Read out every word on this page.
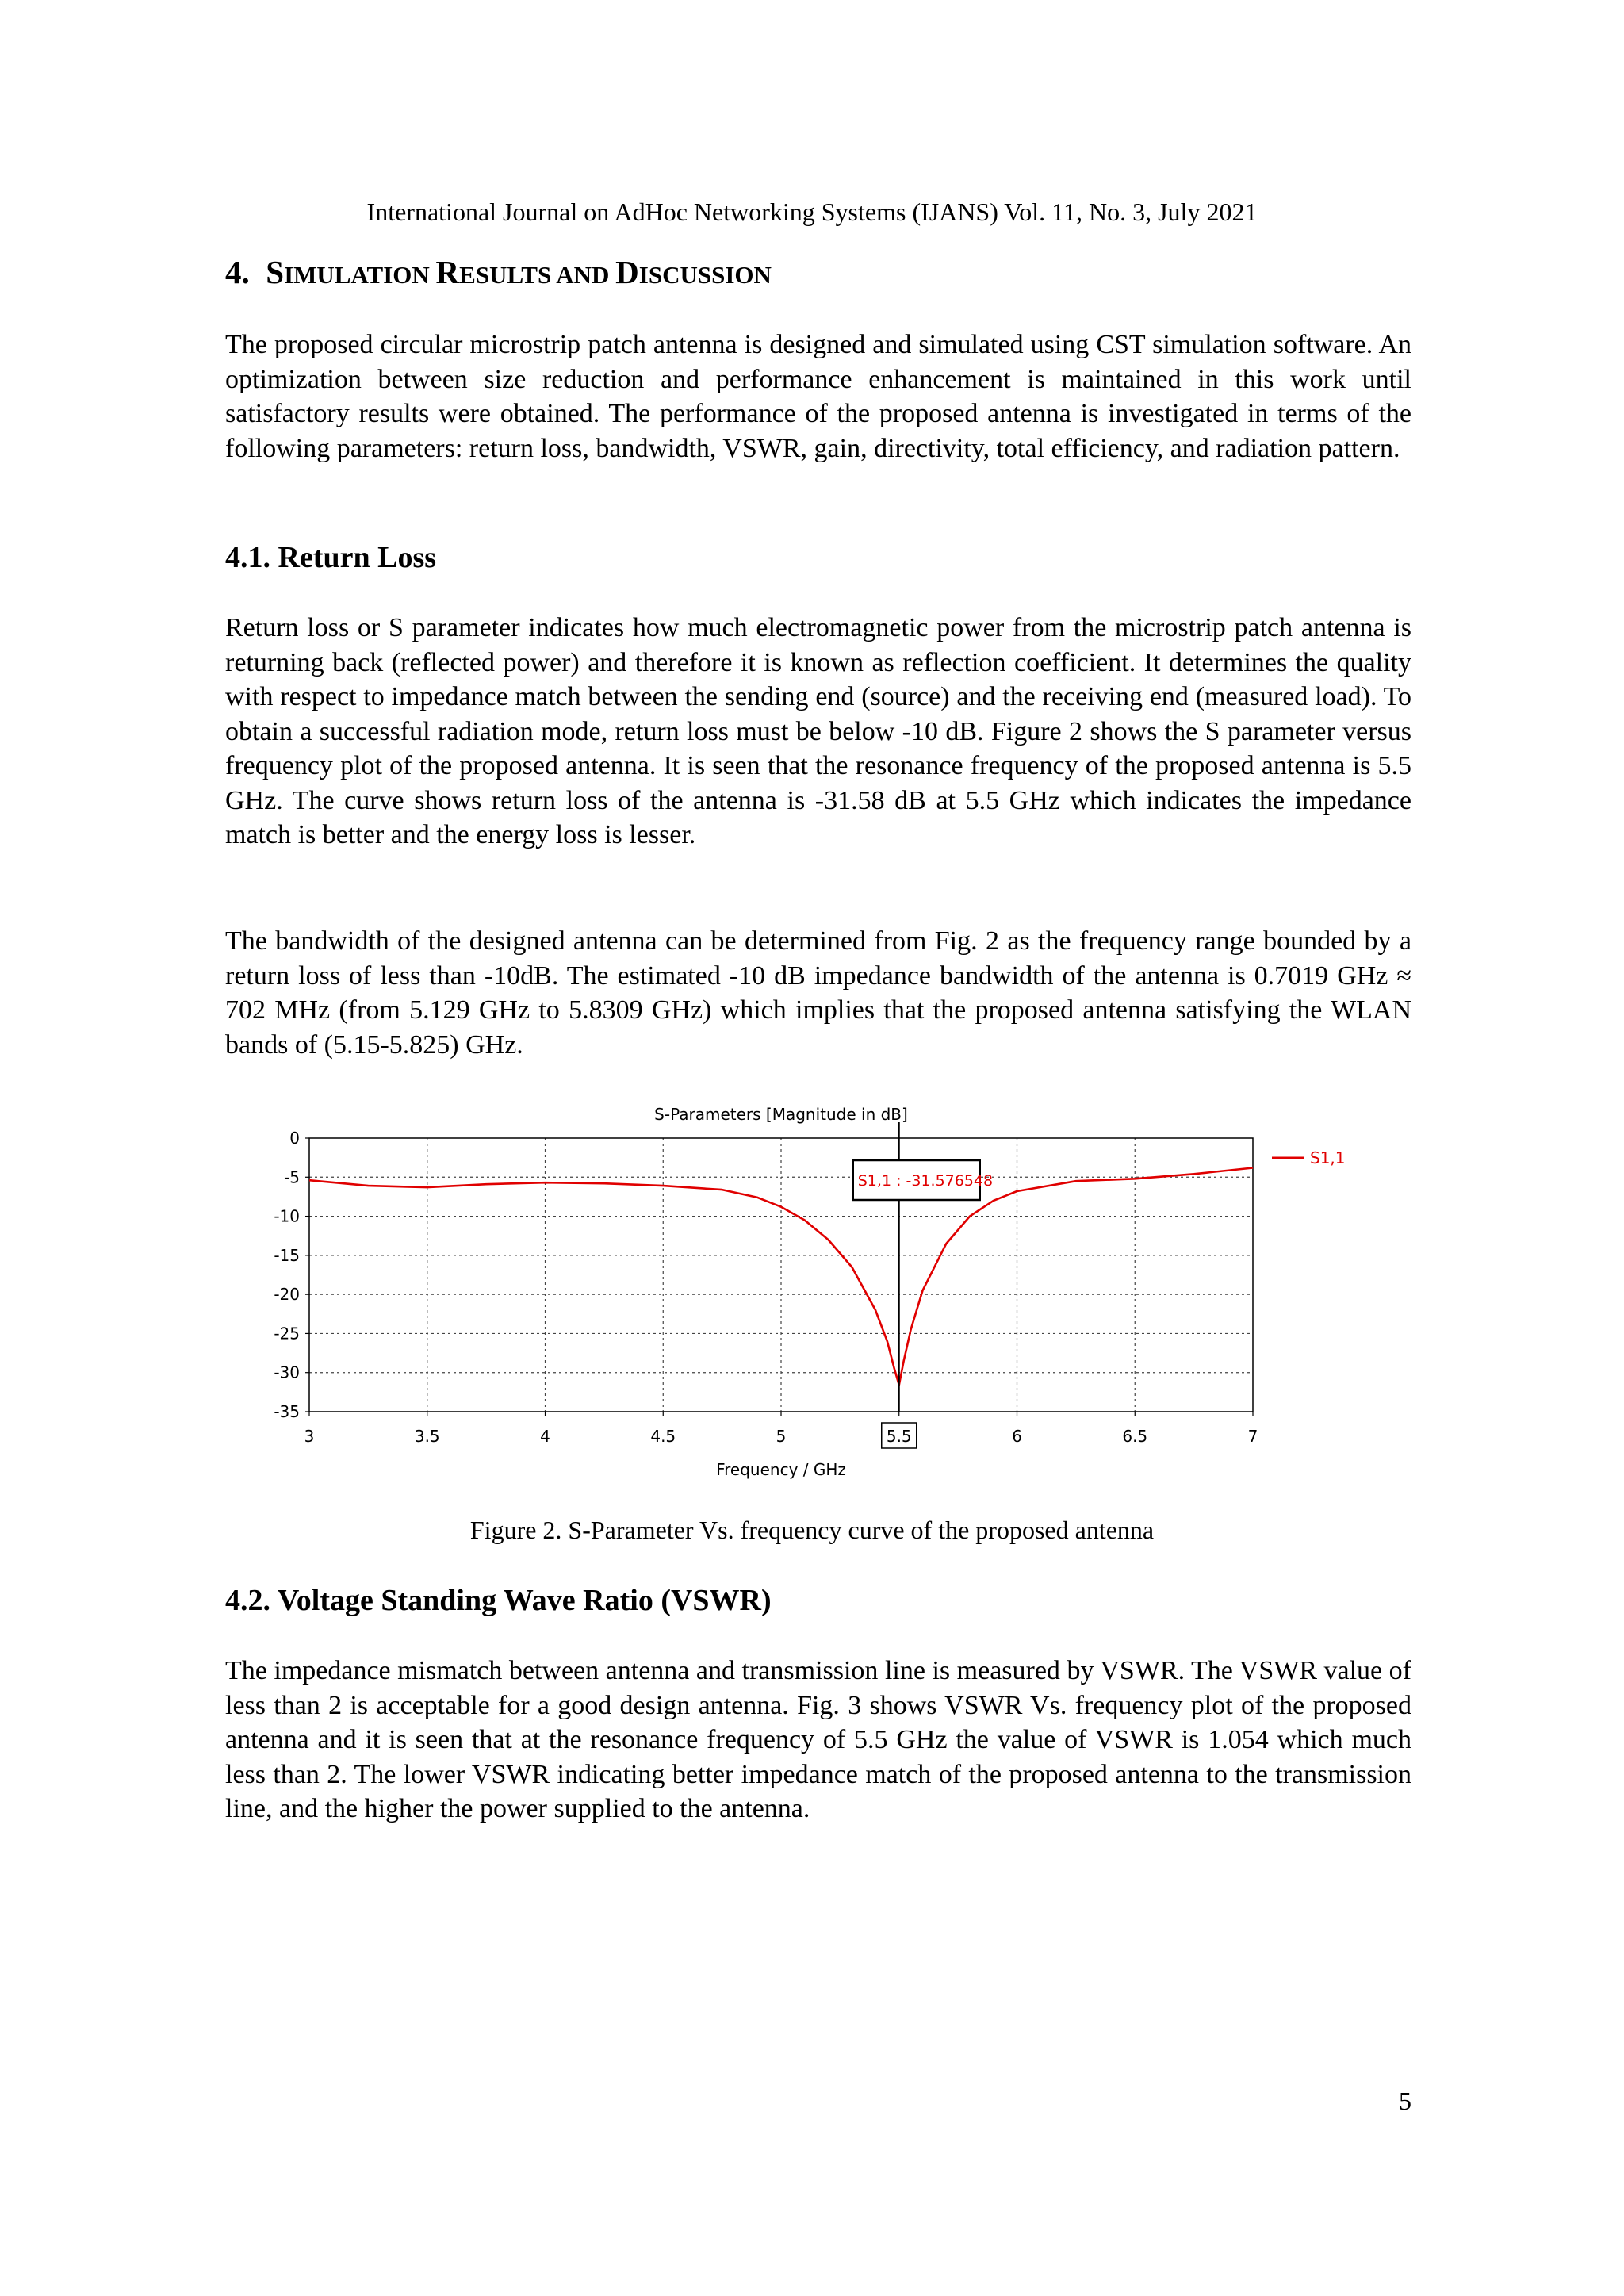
International Journal on AdHoc Networking Systems (IJANS) Vol. 11, No. 3, July 2021
4. SIMULATION RESULTS AND DISCUSSION

The proposed circular microstrip patch antenna is designed and simulated using CST simulation software. An optimization between size reduction and performance enhancement is maintained in this work until satisfactory results were obtained. The performance of the proposed antenna is investigated in terms of the following parameters: return loss, bandwidth, VSWR, gain, directivity, total efficiency, and radiation pattern.

4.1. Return Loss

Return loss or S parameter indicates how much electromagnetic power from the microstrip patch antenna is returning back (reflected power) and therefore it is known as reflection coefficient. It determines the quality with respect to impedance match between the sending end (source) and the receiving end (measured load). To obtain a successful radiation mode, return loss must be below -10 dB. Figure 2 shows the S parameter versus frequency plot of the proposed antenna. It is seen that the resonance frequency of the proposed antenna is 5.5 GHz. The curve shows return loss of the antenna is -31.58 dB at 5.5 GHz which indicates the impedance match is better and the energy loss is lesser.

The bandwidth of the designed antenna can be determined from Fig. 2 as the frequency range bounded by a return loss of less than -10dB. The estimated -10 dB impedance bandwidth of the antenna is 0.7019 GHz ≈ 702 MHz (from 5.129 GHz to 5.8309 GHz) which implies that the proposed antenna satisfying the WLAN bands of (5.15-5.825) GHz.

S-Parameters [Magnitude in dB]
0
-5
-10
-15
-20
-25
-30
-35
3	3.5	4	4.5	5	5.5	6	6.5	7
Frequency / GHz
S1,1
S1,1 : -31.576548
Figure 2. S-Parameter Vs. frequency curve of the proposed antenna
4.2. Voltage Standing Wave Ratio (VSWR)

The impedance mismatch between antenna and transmission line is measured by VSWR. The VSWR value of less than 2 is acceptable for a good design antenna. Fig. 3 shows VSWR Vs. frequency plot of the proposed antenna and it is seen that at the resonance frequency of 5.5 GHz the value of VSWR is 1.054 which much less than 2. The lower VSWR indicating better impedance match of the proposed antenna to the transmission line, and the higher the power supplied to the antenna.

5
